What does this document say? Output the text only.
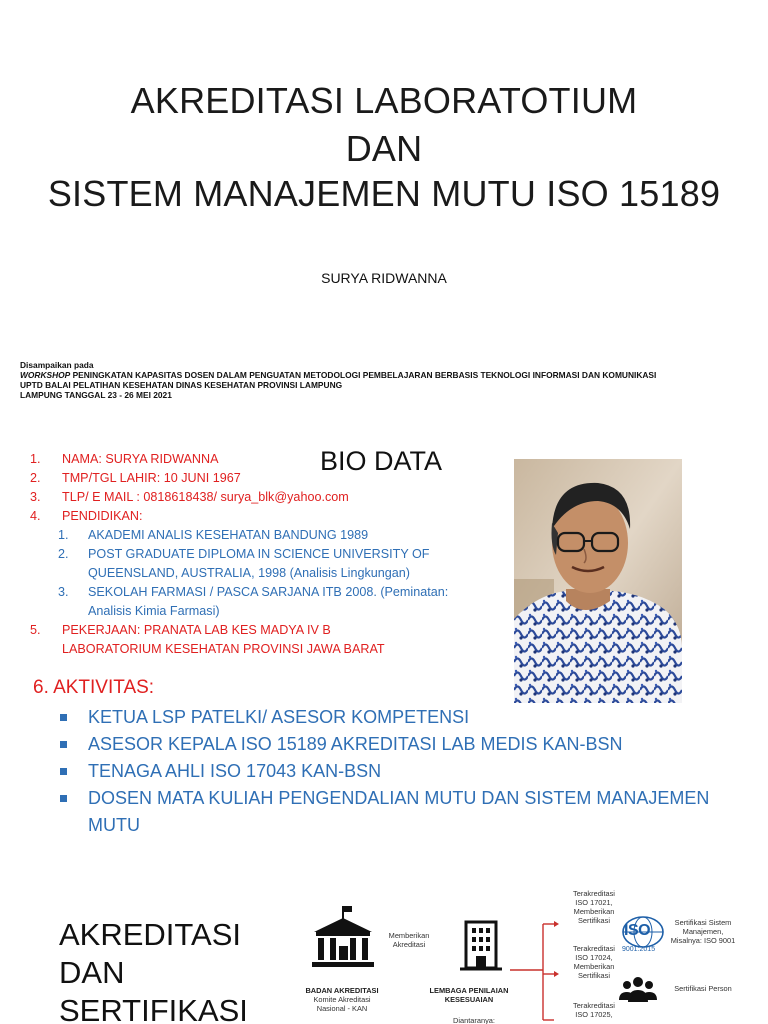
AKREDITASI LABORATOTIUM
DAN
SISTEM MANAJEMEN MUTU ISO 15189
SURYA RIDWANNA
Disampaikan pada
WORKSHOP PENINGKATAN KAPASITAS DOSEN DALAM PENGUATAN METODOLOGI PEMBELAJARAN BERBASIS TEKNOLOGI INFORMASI DAN KOMUNIKASI
UPTD BALAI PELATIHAN KESEHATAN DINAS KESEHATAN PROVINSI LAMPUNG
LAMPUNG TANGGAL 23 - 26 MEI 2021
BIO DATA
1. NAMA: SURYA RIDWANNA
2. TMP/TGL LAHIR: 10 JUNI 1967
3. TLP/ E MAIL : 0818618438/ surya_blk@yahoo.com
4. PENDIDIKAN:
1. AKADEMI ANALIS KESEHATAN BANDUNG 1989
2. POST GRADUATE DIPLOMA IN SCIENCE UNIVERSITY OF
QUEENSLAND, AUSTRALIA, 1998 (Analisis Lingkungan)
3. SEKOLAH FARMASI / PASCA SARJANA ITB 2008. (Peminatan:
Analisis Kimia Farmasi)
5. PEKERJAAN: PRANATA LAB KES MADYA IV B
LABORATORIUM KESEHATAN PROVINSI JAWA BARAT
6. AKTIVITAS:
KETUA LSP PATELKI/ ASESOR KOMPETENSI
ASESOR KEPALA ISO 15189 AKREDITASI LAB MEDIS KAN-BSN
TENAGA AHLI ISO 17043 KAN-BSN
DOSEN MATA KULIAH PENGENDALIAN MUTU DAN SISTEM MANAJEMEN MUTU
AKREDITASI
DAN
SERTIFIKASI
ISO
9001:2015
BADAN AKREDITASI
Komite Akreditasi
Nasional - KAN
Memberikan
Akreditasi
LEMBAGA PENILAIAN
KESESUAIAN
Diantaranya:
Terakreditasi
ISO 17021,
Memberikan
Sertifikasi
Terakreditasi
ISO 17024,
Memberikan
Sertifikasi
Terakreditasi
ISO 17025,
Sertifikasi Sistem
Manajemen,
Misalnya: ISO 9001
Sertifikasi Person
